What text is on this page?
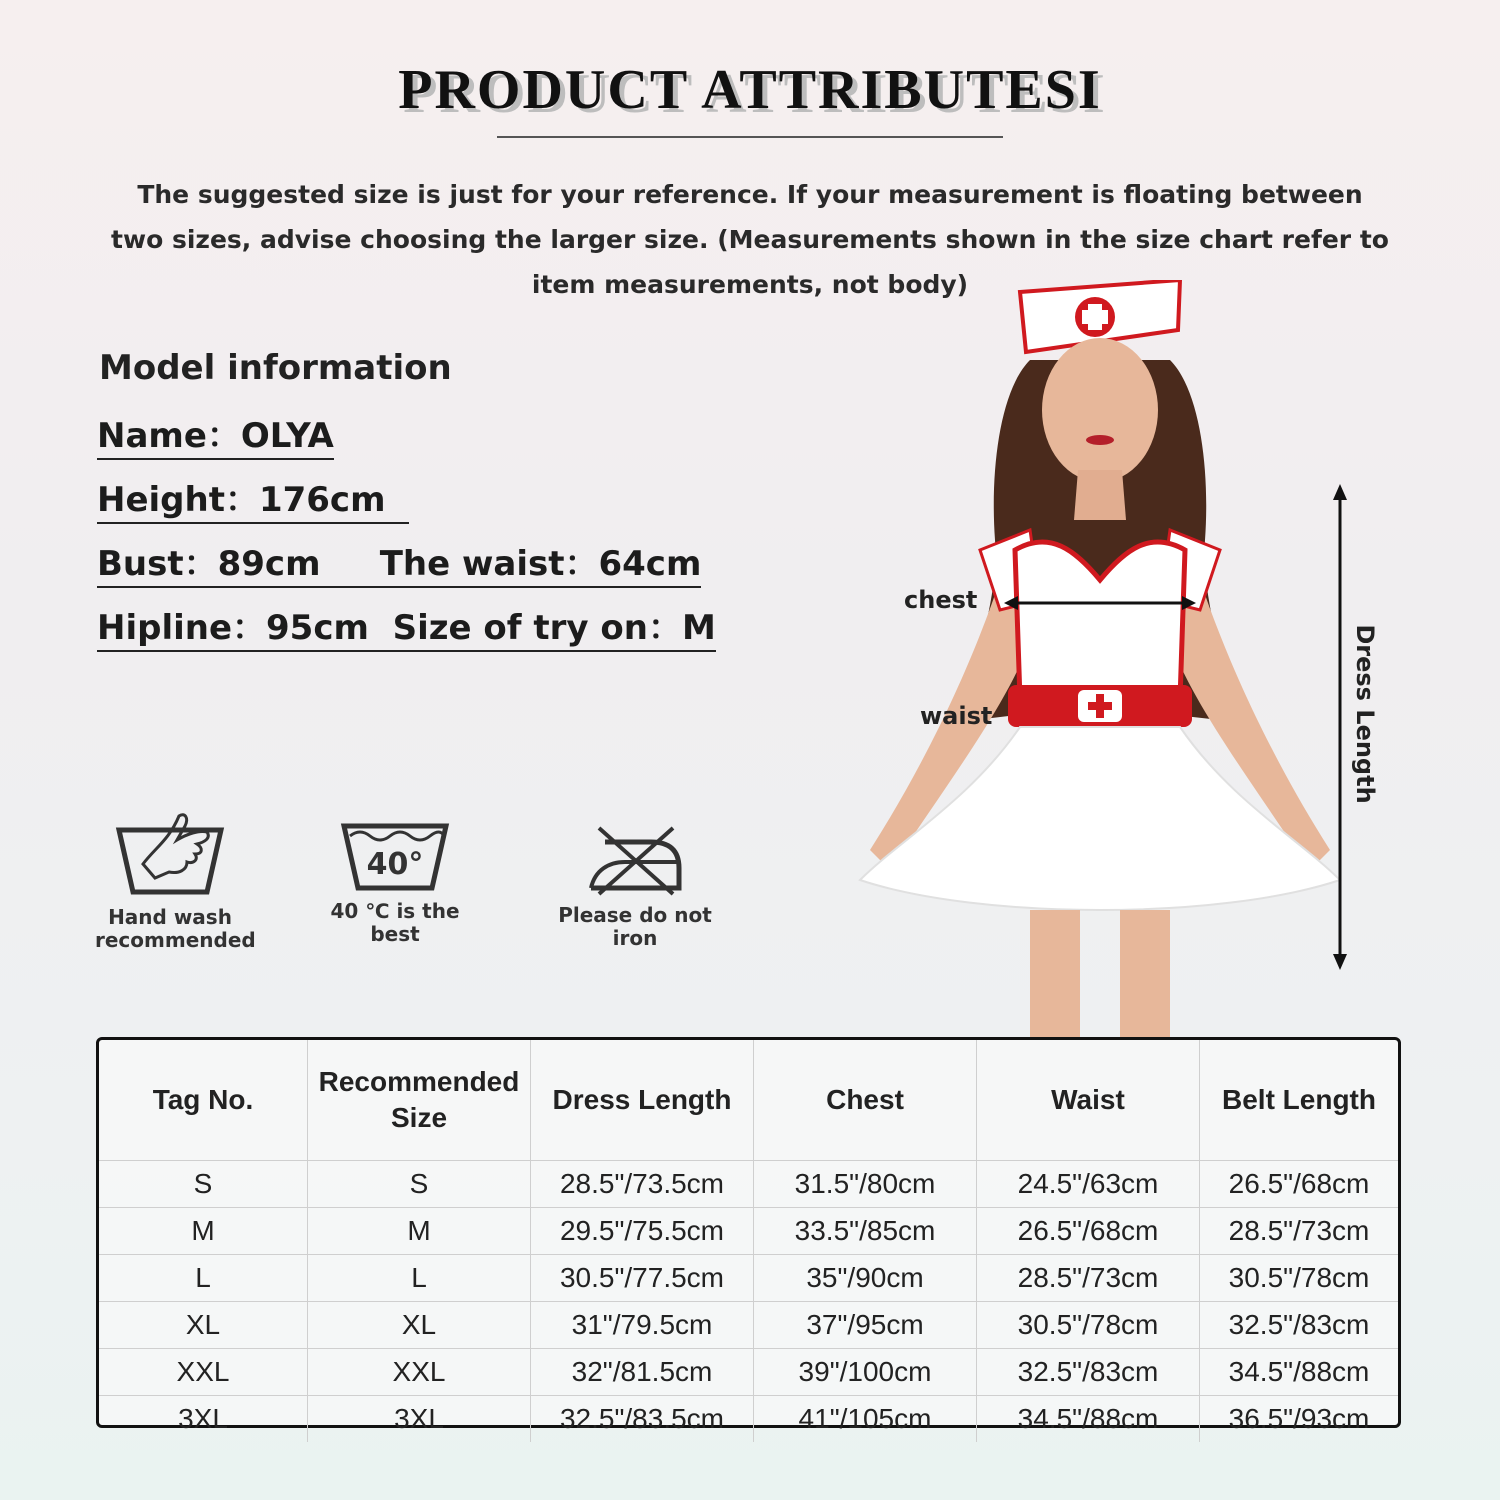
PRODUCT ATTRIBUTESI
The suggested size is just for your reference. If your measurement is floating between two sizes, advise choosing the larger size. (Measurements shown in the size chart refer to item measurements, not body)
Model information
Name：OLYA
Height：176cm
Bust：89cm     The waist：64cm
Hipline：95cm  Size of try on：M
Hand wash recommended
40°
40 ℃ is the best
Please do not iron
chest
waist	Dress Length
Tag No.	Recommended Size	Dress Length	Chest	Waist	Belt Length
S	S	28.5"/73.5cm	31.5"/80cm	24.5"/63cm	26.5"/68cm
M	M	29.5"/75.5cm	33.5"/85cm	26.5"/68cm	28.5"/73cm
L	L	30.5"/77.5cm	35"/90cm	28.5"/73cm	30.5"/78cm
XL	XL	31"/79.5cm	37"/95cm	30.5"/78cm	32.5"/83cm
XXL	XXL	32"/81.5cm	39"/100cm	32.5"/83cm	34.5"/88cm
3XL	3XL	32.5"/83.5cm	41"/105cm	34.5"/88cm	36.5"/93cm
